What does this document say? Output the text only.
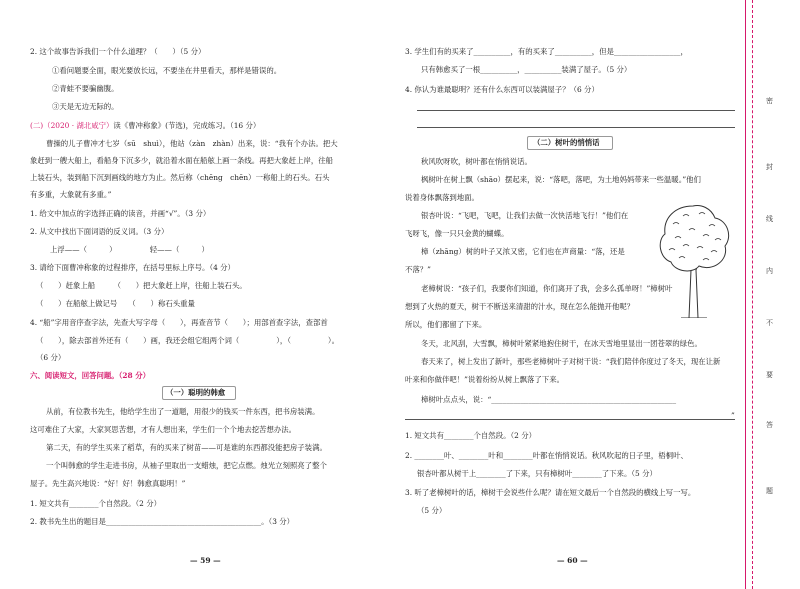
2. 这个故事告诉我们一个什么道理？（　　）（5 分）
①看问题要全面，眼光要放长远，不要坐在井里看天，那样是错误的。
②青蛙不要骗幽腹。
③天是无边无际的。
(二)（2020 · 湖北咸宁）读《曹冲称象》(节选)，完成练习。（16 分）
曹操的儿子曹冲才七岁（sū　shuì），他站（zàn　zhàn）出来，说：“我有个办法。把大
象赶到一艘大船上，看船身下沉多少，就沿着水面在船舷上画一条线。再把大象赶上岸，往船
上装石头，装到船下沉到画线的地方为止。然后称（chēng　chēn）一称船上的石头。石头
有多重，大象就有多重。”
1. 给文中加点的字选择正确的读音，并画“√”。（3 分）
2. 从文中找出下面词语的反义词。（3 分）
上浮——（　　　）　　　　　轻——（　　　）
3. 请给下面曹冲称象的过程排序，在括号里标上序号。（4 分）
（　　）赶象上船　　　（　　）把大象赶上岸，往船上装石头。
（　　）在船舷上做记号　　（　　）称石头重量
4. “船”字用音序查字法，先查大写字母（　　），再查音节（　　）；用部首查字法，查部首
（　　），除去部首外还有（　　）画，我还会组它组两个词（　　　　　），（　　　　　）。
（6 分）
六、阅读短文，回答问题。（28 分）
（一）聪明的韩愈
从前，有位教书先生，他给学生出了一道题，用很少的钱买一件东西，把书房装满。
这可难住了大家，大家冥思苦想，才有人想出来，学生们一个个地去挖苦想办法。
第二天，有的学生买来了稻草，有的买来了树苗——可是谁的东西都没能把房子装满。
一个叫韩愈的学生走进书房，从袖子里取出一支蜡烛，把它点燃。烛光立刻照亮了整个
屋子。先生高兴地说：“好！好！韩愈真聪明！”
1. 短文共有________个自然段。（2 分）
2. 教书先生出的题目是__________________________________________。（3 分）
— 59 —
3. 学生们有的买来了__________，有的买来了__________，但是__________________，
只有韩愈买了一根__________，__________装满了屋子。（5 分）
4. 你认为谁最聪明？还有什么东西可以装满屋子？（6 分）
（二）树叶的悄悄话
秋风吹呀吹，树叶都在悄悄说话。
枫树叶在树上飘（shāo）摆起来，说：“落吧，落吧，为土地妈妈带来一些温暖。”他们
说着身体飘落到地面。
银杏叶说：“飞吧，飞吧，让我们去做一次快活地飞行！”他们在
飞呀飞，像一只只金黄的蝴蝶。
樟（zhāng）树的叶子又浓又密，它们也在声商量：“落，还是
不落？”
老樟树说：“孩子们，我要你们知道，你们离开了我，会多么孤单呀！”樟树叶
想到了火热的夏天，树干不断送来清甜的汁水，现在怎么能抛开他呢？
所以，他们都留了下来。
冬天，北风刮，大雪飘，樟树叶紧紧地抱住树干，在冰天雪地里显出一团苍翠的绿色。
春天来了，树上发出了新叶，那些老樟树叶子对树干说：“我们陪伴你度过了冬天，现在让新
叶来和你做伴吧！”说着纷纷从树上飘落了下来。
樟树叶点点头，说：“__________________________________________________
”
1. 短文共有________个自然段。（2 分）
2. ________叶、________叶和________叶都在悄悄说话。秋风吹起的日子里，梧桐叶、
银杏叶都从树干上________了下来，只有樟树叶________了下来。（5 分）
3. 听了老樟树叶的话，樟树干会说些什么呢？请在短文最后一个自然段的横线上写一写。
（5 分）
— 60 —
密
封
线
内
不
要
答
题
